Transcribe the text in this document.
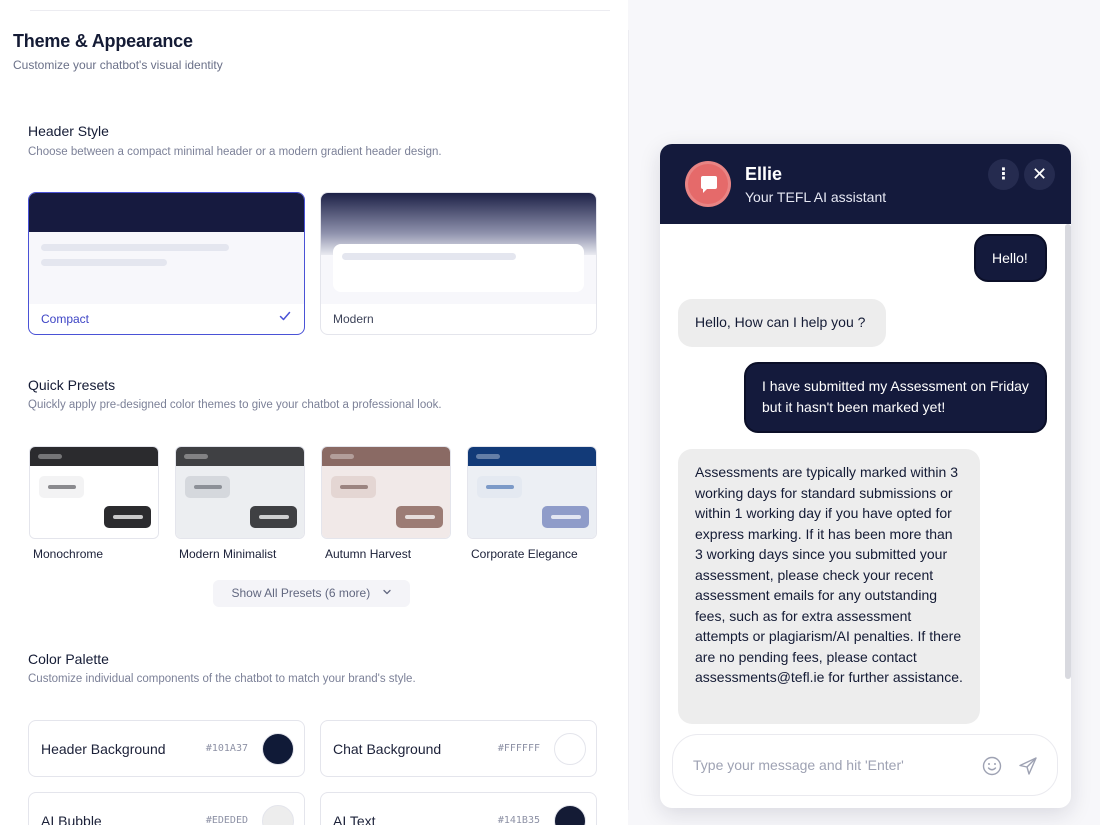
Theme & Appearance
Customize your chatbot's visual identity
Header Style
Choose between a compact minimal header or a modern gradient header design.
Compact	Modern
Quick Presets
Quickly apply pre-designed color themes to give your chatbot a professional look.
Monochrome	Modern Minimalist	Autumn Harvest	Corporate Elegance
Show All Presets (6 more)
Color Palette
Customize individual components of the chatbot to match your brand's style.
Header Background	#101A37	Chat Background	#FFFFFF
AI Bubble	#EDEDED	AI Text	#141B35
Ellie
Your TEFL AI assistant
⋮	✕
Hello!
Hello, How can I help you ?
I have submitted my Assessment on Friday but it hasn't been marked yet!
Assessments are typically marked within 3 working days for standard submissions or within 1 working day if you have opted for express marking. If it has been more than 3 working days since you submitted your assessment, please check your recent assessment emails for any outstanding fees, such as for extra assessment attempts or plagiarism/AI penalties. If there are no pending fees, please contact assessments@tefl.ie for further assistance.
Type your message and hit 'Enter'
